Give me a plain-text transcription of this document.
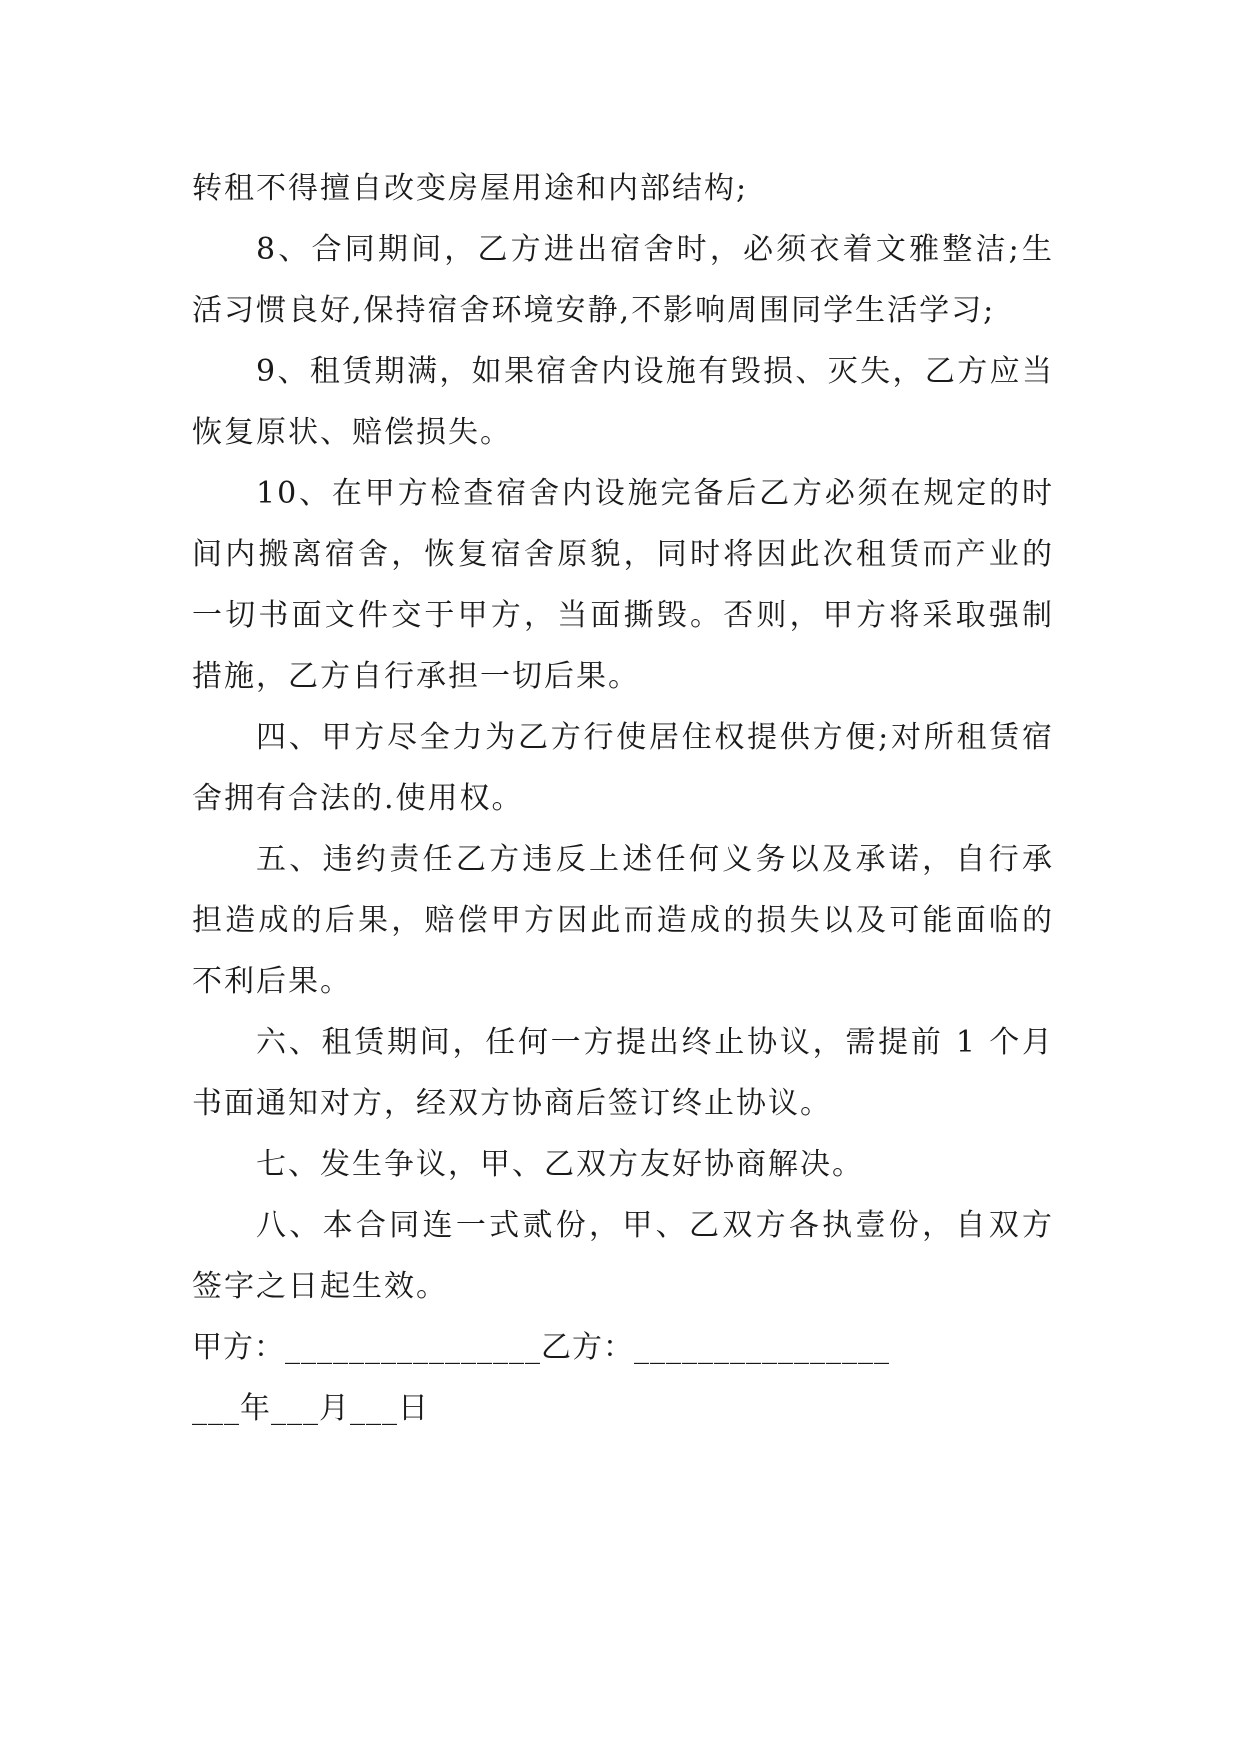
转租不得擅自改变房屋用途和内部结构;

8、合同期间，乙方进出宿舍时，必须衣着文雅整洁;生活习惯良好,保持宿舍环境安静,不影响周围同学生活学习;

9、租赁期满，如果宿舍内设施有毁损、灭失，乙方应当恢复原状、赔偿损失。

10、在甲方检查宿舍内设施完备后乙方必须在规定的时间内搬离宿舍，恢复宿舍原貌，同时将因此次租赁而产业的一切书面文件交于甲方，当面撕毁。否则，甲方将采取强制措施，乙方自行承担一切后果。

四、甲方尽全力为乙方行使居住权提供方便;对所租赁宿舍拥有合法的.使用权。

五、违约责任乙方违反上述任何义务以及承诺，自行承担造成的后果，赔偿甲方因此而造成的损失以及可能面临的不利后果。

六、租赁期间，任何一方提出终止协议，需提前 1 个月书面通知对方，经双方协商后签订终止协议。

七、发生争议，甲、乙双方友好协商解决。

八、本合同连一式贰份，甲、乙双方各执壹份，自双方签字之日起生效。

甲方：________________乙方：________________

___年___月___日
